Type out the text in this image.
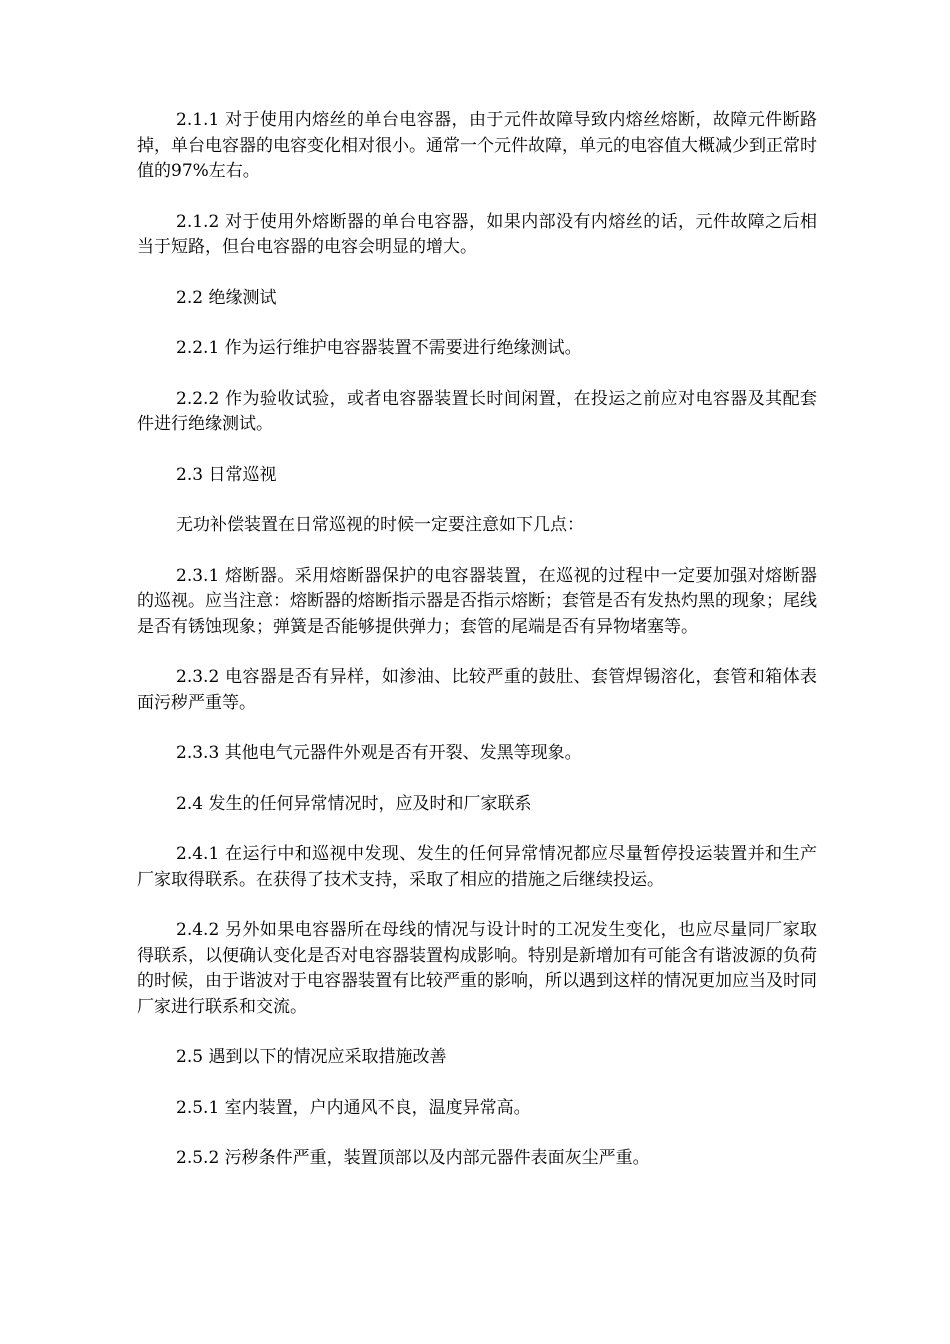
2.1.1 对于使用内熔丝的单台电容器，由于元件故障导致内熔丝熔断，故障元件断路掉，单台电容器的电容变化相对很小。通常一个元件故障，单元的电容值大概减少到正常时值的97%左右。

2.1.2 对于使用外熔断器的单台电容器，如果内部没有内熔丝的话，元件故障之后相当于短路，但台电容器的电容会明显的增大。

2.2 绝缘测试

2.2.1 作为运行维护电容器装置不需要进行绝缘测试。

2.2.2 作为验收试验，或者电容器装置长时间闲置，在投运之前应对电容器及其配套件进行绝缘测试。

2.3 日常巡视

无功补偿装置在日常巡视的时候一定要注意如下几点：

2.3.1 熔断器。采用熔断器保护的电容器装置，在巡视的过程中一定要加强对熔断器的巡视。应当注意：熔断器的熔断指示器是否指示熔断；套管是否有发热灼黑的现象；尾线是否有锈蚀现象；弹簧是否能够提供弹力；套管的尾端是否有异物堵塞等。

2.3.2 电容器是否有异样，如渗油、比较严重的鼓肚、套管焊锡溶化，套管和箱体表面污秽严重等。

2.3.3 其他电气元器件外观是否有开裂、发黑等现象。

2.4 发生的任何异常情况时，应及时和厂家联系

2.4.1 在运行中和巡视中发现、发生的任何异常情况都应尽量暂停投运装置并和生产厂家取得联系。在获得了技术支持，采取了相应的措施之后继续投运。

2.4.2 另外如果电容器所在母线的情况与设计时的工况发生变化，也应尽量同厂家取得联系，以便确认变化是否对电容器装置构成影响。特别是新增加有可能含有谐波源的负荷的时候，由于谐波对于电容器装置有比较严重的影响，所以遇到这样的情况更加应当及时同厂家进行联系和交流。

2.5 遇到以下的情况应采取措施改善

2.5.1 室内装置，户内通风不良，温度异常高。

2.5.2 污秽条件严重，装置顶部以及内部元器件表面灰尘严重。
